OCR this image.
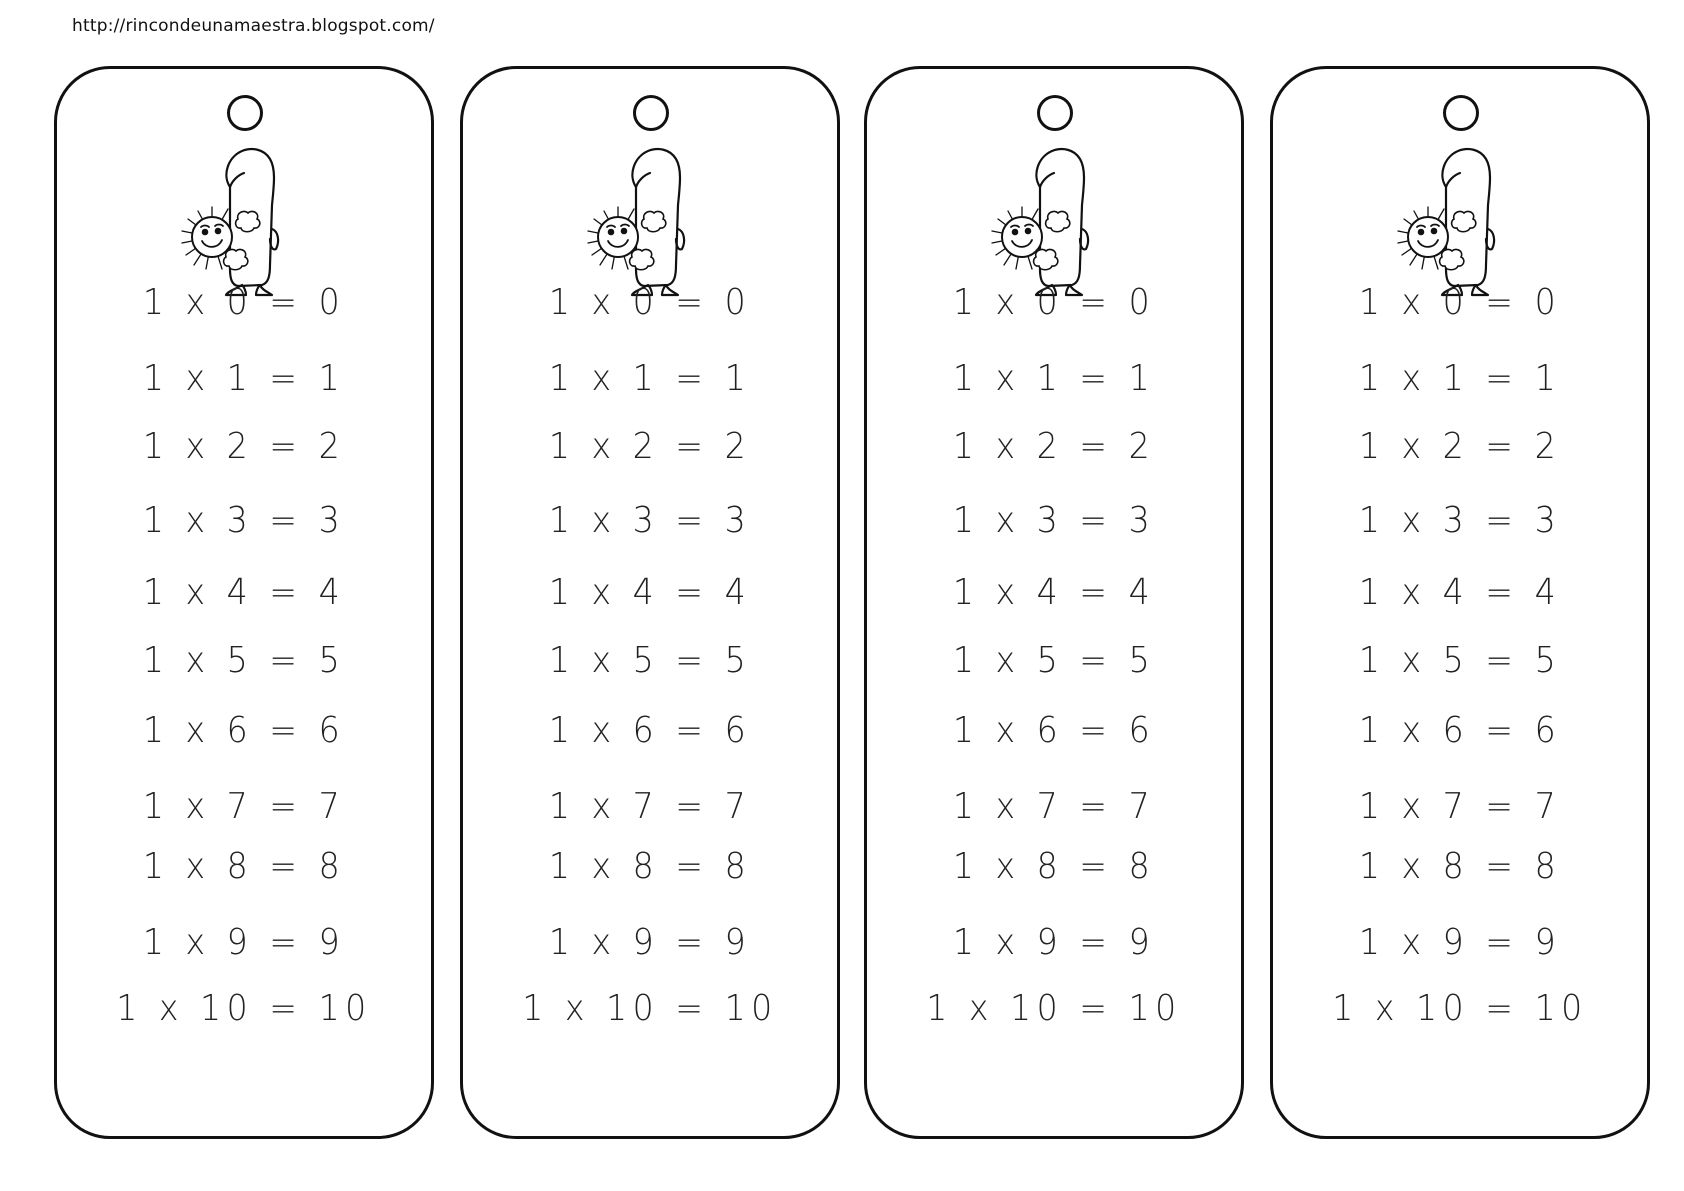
http://rincondeunamaestra.blogspot.com/
1 x 0 = 0
1 x 1 = 1
1 x 2 = 2
1 x 3 = 3
1 x 4 = 4
1 x 5 = 5
1 x 6 = 6
1 x 7 = 7
1 x 8 = 8
1 x 9 = 9
1 x 10 = 10
1 x 0 = 0
1 x 1 = 1
1 x 2 = 2
1 x 3 = 3
1 x 4 = 4
1 x 5 = 5
1 x 6 = 6
1 x 7 = 7
1 x 8 = 8
1 x 9 = 9
1 x 10 = 10
1 x 0 = 0
1 x 1 = 1
1 x 2 = 2
1 x 3 = 3
1 x 4 = 4
1 x 5 = 5
1 x 6 = 6
1 x 7 = 7
1 x 8 = 8
1 x 9 = 9
1 x 10 = 10
1 x 0 = 0
1 x 1 = 1
1 x 2 = 2
1 x 3 = 3
1 x 4 = 4
1 x 5 = 5
1 x 6 = 6
1 x 7 = 7
1 x 8 = 8
1 x 9 = 9
1 x 10 = 10
